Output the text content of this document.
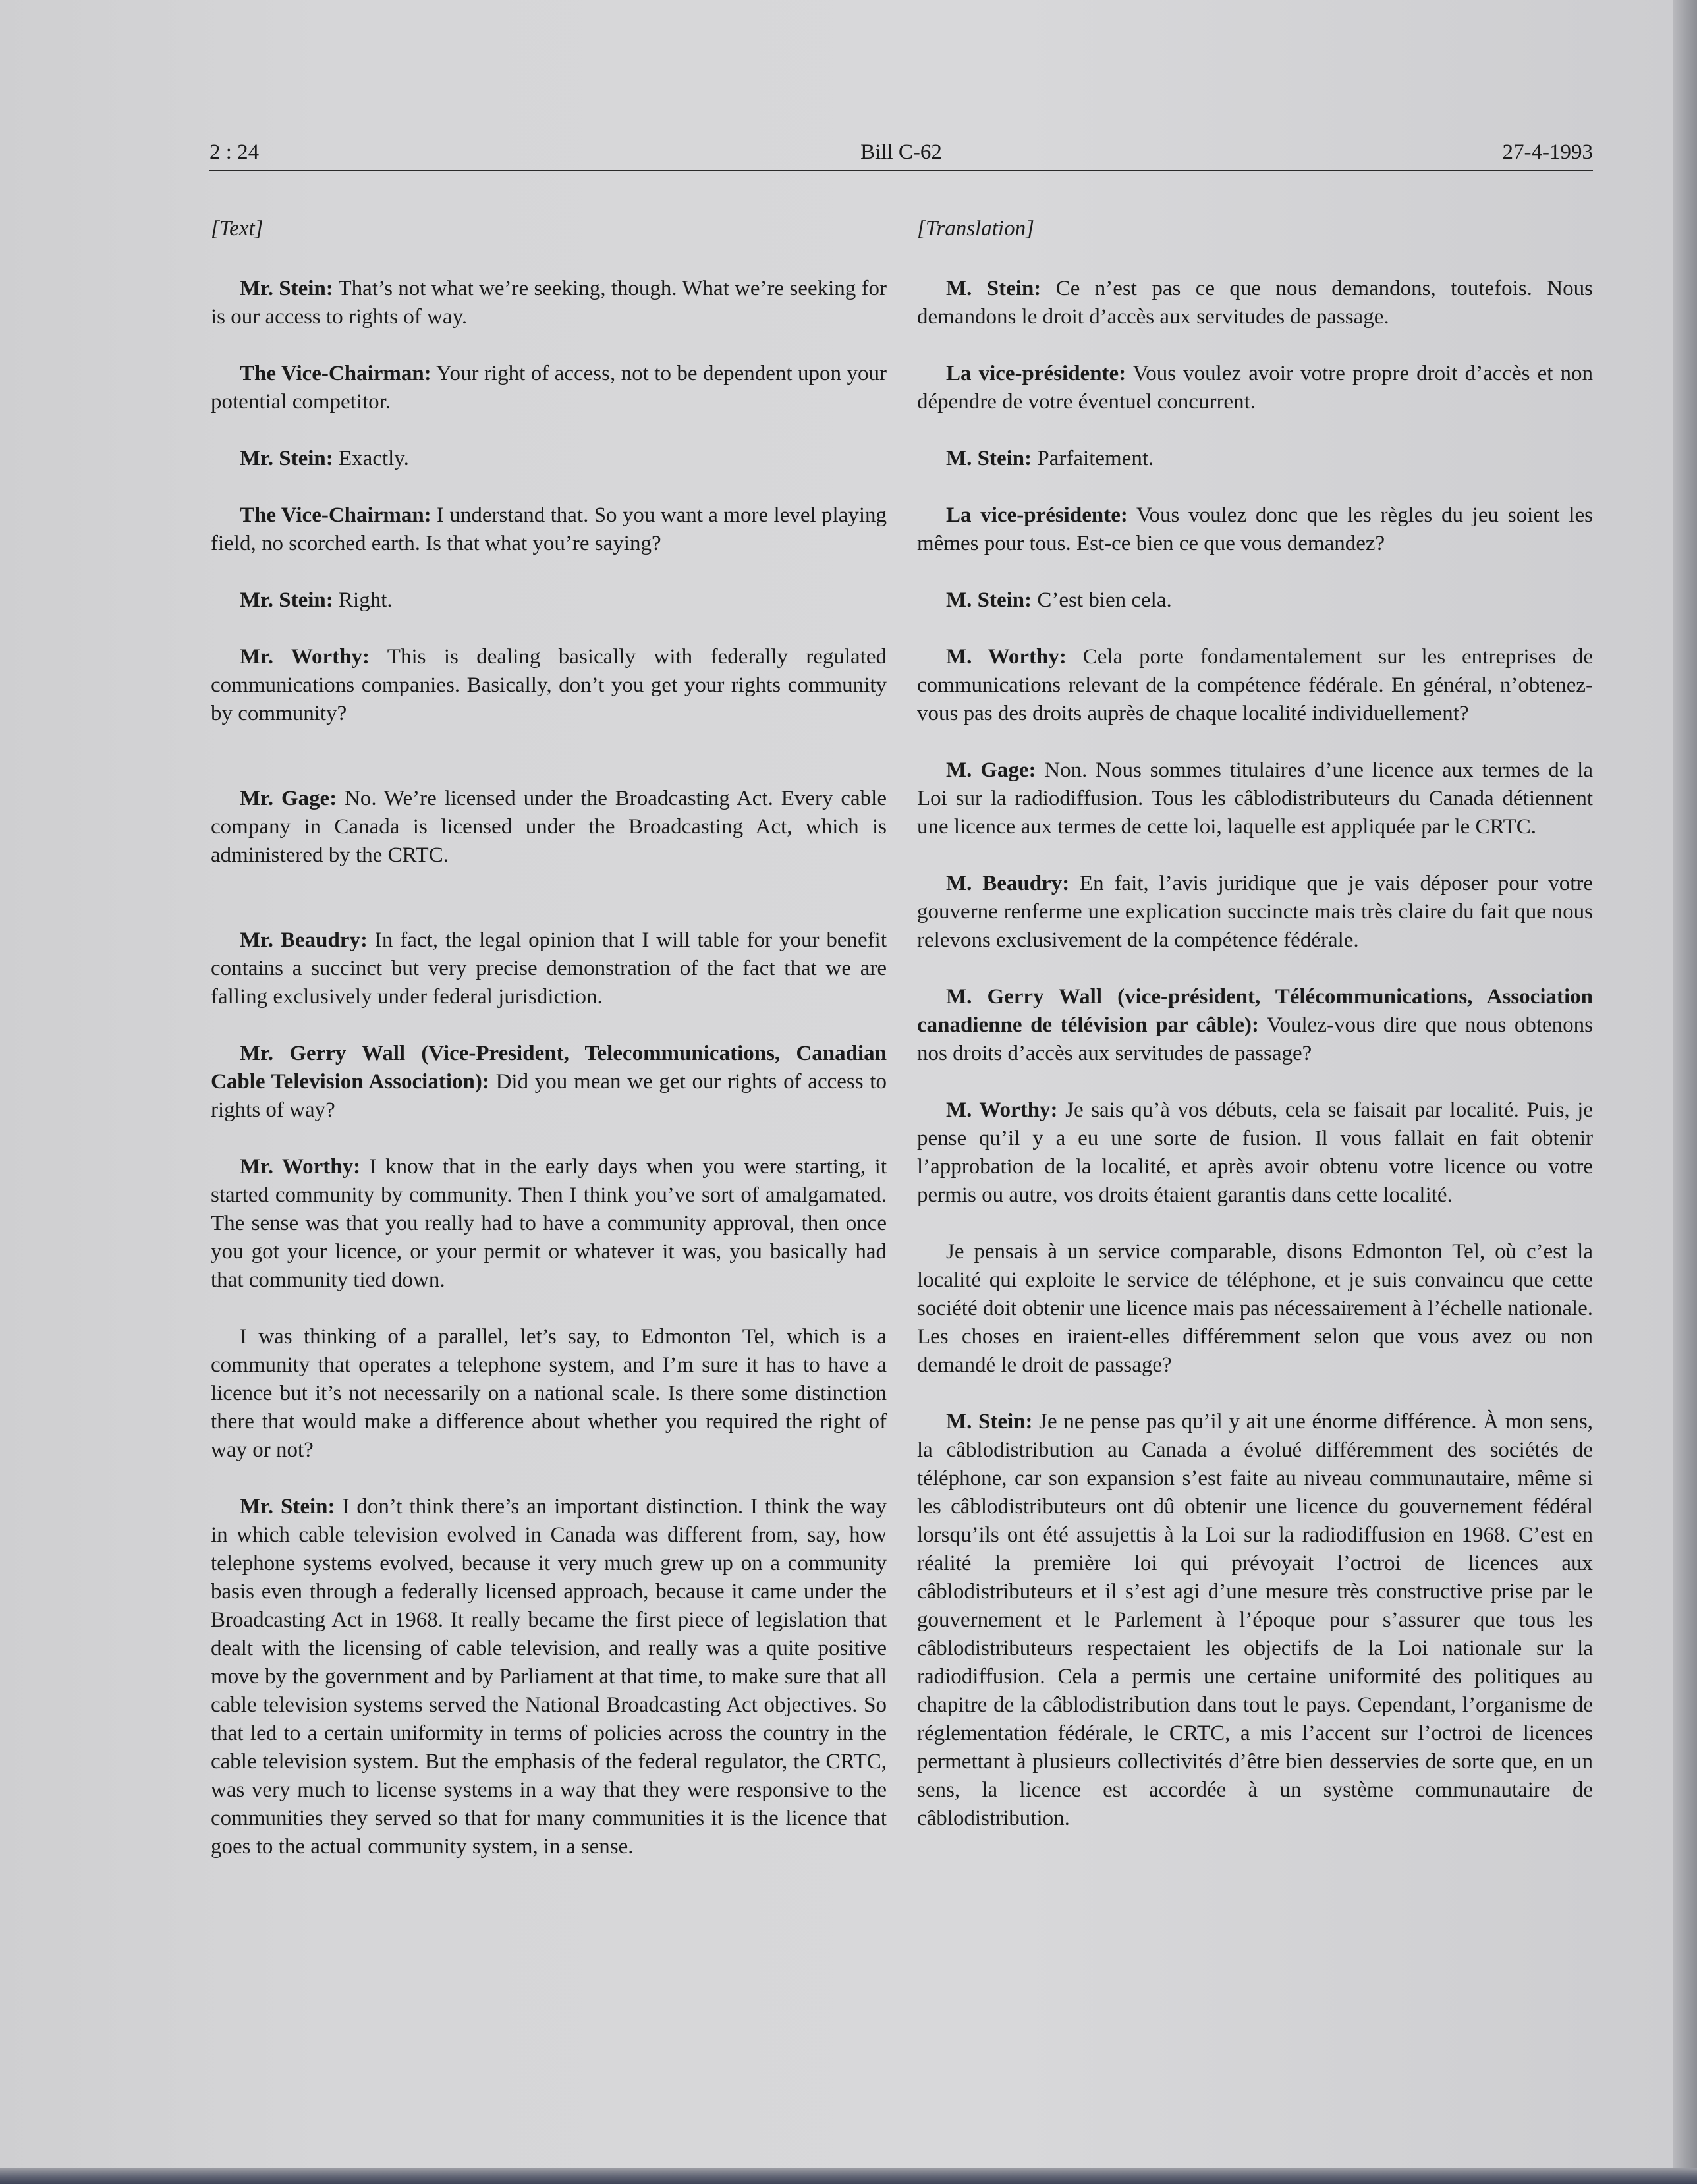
2 : 24	Bill C-62	27-4-1993
[Text]

Mr. Stein: That’s not what we’re seeking, though. What we’re seeking for is our access to rights of way.

The Vice-Chairman: Your right of access, not to be dependent upon your potential competitor.

Mr. Stein: Exactly.

The Vice-Chairman: I understand that. So you want a more level playing field, no scorched earth. Is that what you’re saying?

Mr. Stein: Right.

Mr. Worthy: This is dealing basically with federally regulated communications companies. Basically, don’t you get your rights community by community?

Mr. Gage: No. We’re licensed under the Broadcasting Act. Every cable company in Canada is licensed under the Broadcasting Act, which is administered by the CRTC.

Mr. Beaudry: In fact, the legal opinion that I will table for your benefit contains a succinct but very precise demonstration of the fact that we are falling exclusively under federal jurisdiction.

Mr. Gerry Wall (Vice-President, Telecommunications, Canadian Cable Television Association): Did you mean we get our rights of access to rights of way?

Mr. Worthy: I know that in the early days when you were starting, it started community by community. Then I think you’ve sort of amalgamated. The sense was that you really had to have a community approval, then once you got your licence, or your permit or whatever it was, you basically had that community tied down.

I was thinking of a parallel, let’s say, to Edmonton Tel, which is a community that operates a telephone system, and I’m sure it has to have a licence but it’s not necessarily on a national scale. Is there some distinction there that would make a difference about whether you required the right of way or not?

Mr. Stein: I don’t think there’s an important distinction. I think the way in which cable television evolved in Canada was different from, say, how telephone systems evolved, because it very much grew up on a community basis even through a federally licensed approach, because it came under the Broadcasting Act in 1968. It really became the first piece of legislation that dealt with the licensing of cable television, and really was a quite positive move by the government and by Parliament at that time, to make sure that all cable television systems served the National Broadcasting Act objectives. So that led to a certain uniformity in terms of policies across the country in the cable television system. But the emphasis of the federal regulator, the CRTC, was very much to license systems in a way that they were responsive to the communities they served so that for many communities it is the licence that goes to the actual community system, in a sense.

[Translation]

M. Stein: Ce n’est pas ce que nous demandons, toutefois. Nous demandons le droit d’accès aux servitudes de passage.

La vice-présidente: Vous voulez avoir votre propre droit d’accès et non dépendre de votre éventuel concurrent.

M. Stein: Parfaitement.

La vice-présidente: Vous voulez donc que les règles du jeu soient les mêmes pour tous. Est-ce bien ce que vous demandez?

M. Stein: C’est bien cela.

M. Worthy: Cela porte fondamentalement sur les entreprises de communications relevant de la compétence fédérale. En général, n’obtenez-vous pas des droits auprès de chaque localité individuellement?

M. Gage: Non. Nous sommes titulaires d’une licence aux termes de la Loi sur la radiodiffusion. Tous les câblodistributeurs du Canada détiennent une licence aux termes de cette loi, laquelle est appliquée par le CRTC.

M. Beaudry: En fait, l’avis juridique que je vais déposer pour votre gouverne renferme une explication succincte mais très claire du fait que nous relevons exclusivement de la compétence fédérale.

M. Gerry Wall (vice-président, Télécommunications, Association canadienne de télévision par câble): Voulez-vous dire que nous obtenons nos droits d’accès aux servitudes de passage?

M. Worthy: Je sais qu’à vos débuts, cela se faisait par localité. Puis, je pense qu’il y a eu une sorte de fusion. Il vous fallait en fait obtenir l’approbation de la localité, et après avoir obtenu votre licence ou votre permis ou autre, vos droits étaient garantis dans cette localité.

Je pensais à un service comparable, disons Edmonton Tel, où c’est la localité qui exploite le service de téléphone, et je suis convaincu que cette société doit obtenir une licence mais pas nécessairement à l’échelle nationale. Les choses en iraient-elles différemment selon que vous avez ou non demandé le droit de passage?

M. Stein: Je ne pense pas qu’il y ait une énorme différence. À mon sens, la câblodistribution au Canada a évolué différemment des sociétés de téléphone, car son expansion s’est faite au niveau communautaire, même si les câblodistributeurs ont dû obtenir une licence du gouvernement fédéral lorsqu’ils ont été assujettis à la Loi sur la radiodiffusion en 1968. C’est en réalité la première loi qui prévoyait l’octroi de licences aux câblodistributeurs et il s’est agi d’une mesure très constructive prise par le gouvernement et le Parlement à l’époque pour s’assurer que tous les câblodistributeurs respectaient les objectifs de la Loi nationale sur la radiodiffusion. Cela a permis une certaine uniformité des politiques au chapitre de la câblodistribution dans tout le pays. Cependant, l’organisme de réglementation fédérale, le CRTC, a mis l’accent sur l’octroi de licences permettant à plusieurs collectivités d’être bien desservies de sorte que, en un sens, la licence est accordée à un système communautaire de câblodistribution.
